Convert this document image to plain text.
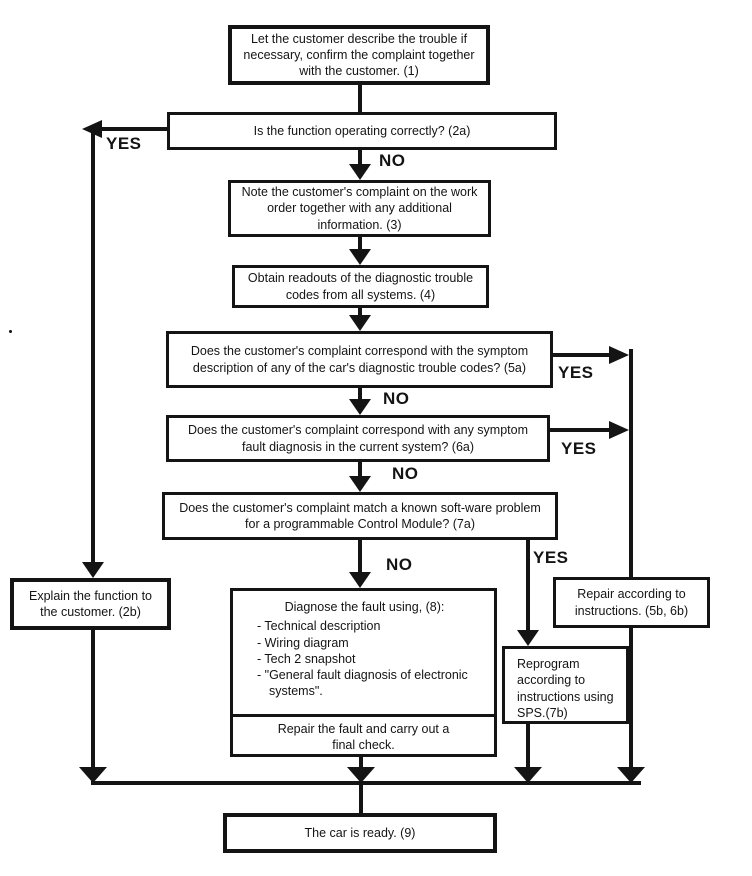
YES
NO
YES
NO
YES
NO
NO	YES
Let the customer describe the trouble if necessary, confirm the complaint together with the customer. (1)
Is the function operating correctly? (2a)
Note the customer's complaint on the work order together with any additional information. (3)
Obtain readouts of the diagnostic trouble codes from all systems. (4)
Does the customer's complaint correspond with the symptom description of any of the car's diagnostic trouble codes? (5a)
Does the customer's complaint correspond with any symptom fault diagnosis in the current system? (6a)
Does the customer's complaint match a known soft-ware problem for a programmable Control Module? (7a)
Explain the function to the customer. (2b)	Diagnose the fault using, (8):
- Technical description
- Wiring diagram
- Tech 2 snapshot
- "General fault diagnosis of electronic systems".
Repair the fault and carry out a final check.
Repair according to instructions. (5b, 6b)
Reprogram according to instructions using SPS.(7b)
The car is ready. (9)
